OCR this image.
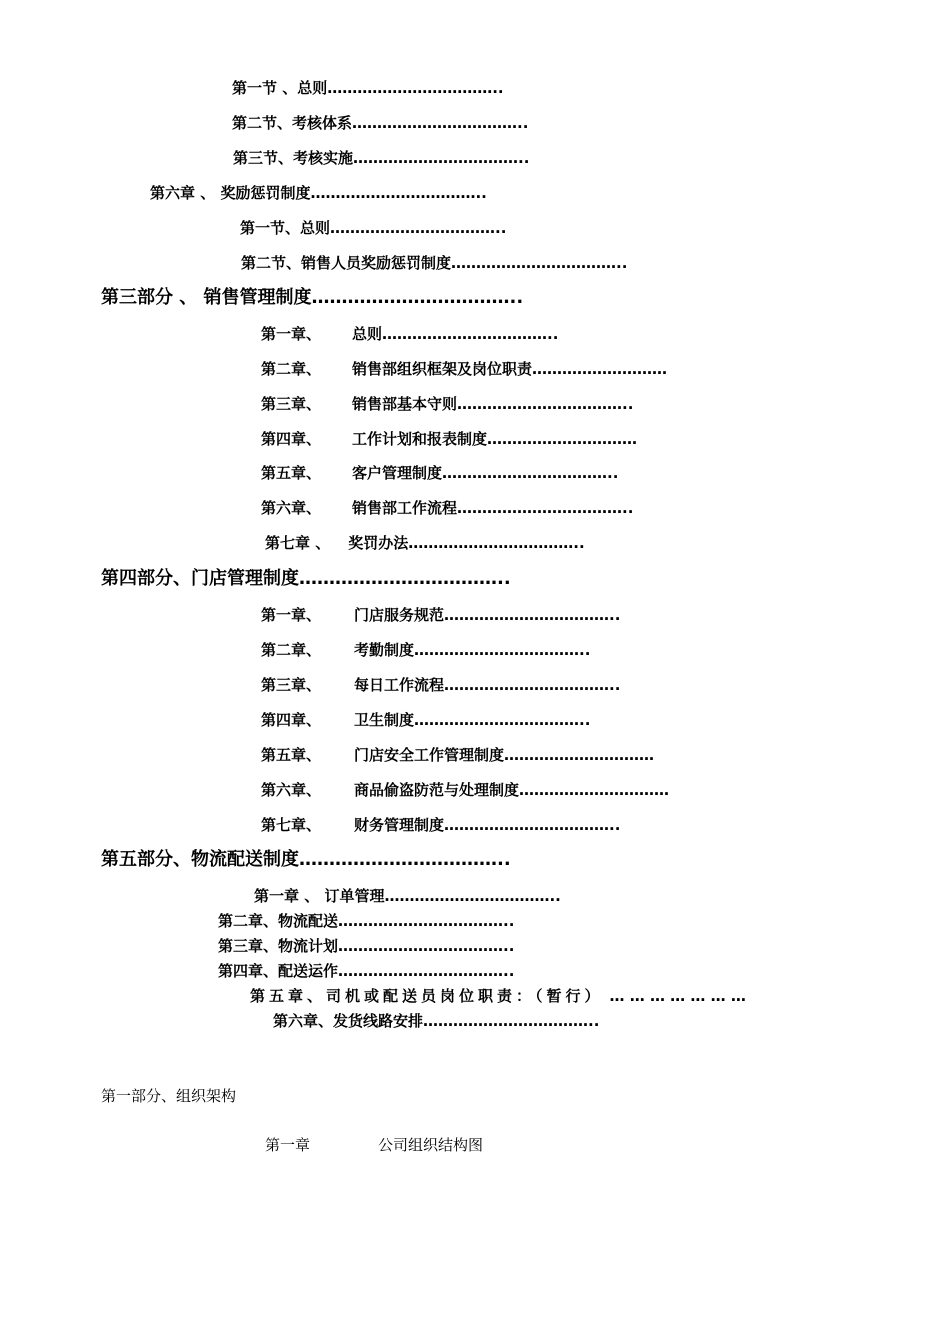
第一节 、总则……………………………..
第二节、考核体系……………………………..
第三节、考核实施……………………………..
第六章 、 奖励惩罚制度……………………………..
第一节、总则……………………………..
第二节、销售人员奖励惩罚制度……………………………..
第三部分 、 销售管理制度……………………………..
第一章、 总则……………………………..
第二章、 销售部组织框架及岗位职责………………………
第三章、 销售部基本守则……………………………..
第四章、 工作计划和报表制度…………………………
第五章、 客户管理制度……………………………..
第六章、 销售部工作流程……………………………..
第七章 、 奖罚办法……………………………..
第四部分、门店管理制度……………………………..
第一章、 门店服务规范……………………………..
第二章、 考勤制度……………………………..
第三章、 每日工作流程……………………………..
第四章、 卫生制度……………………………..
第五章、 门店安全工作管理制度…………………………
第六章、 商品偷盗防范与处理制度…………………………
第七章、 财务管理制度……………………………..
第五部分、物流配送制度……………………………..
第一章 、 订单管理……………………………..
第二章、物流配送……………………………..
第三章、物流计划……………………………..
第四章、配送运作……………………………..
第五章、司机或配送员岗位职责：（暂行） … … … … … … …
第六章、发货线路安排……………………………..
第一部分、组织架构
第一章	公司组织结构图
